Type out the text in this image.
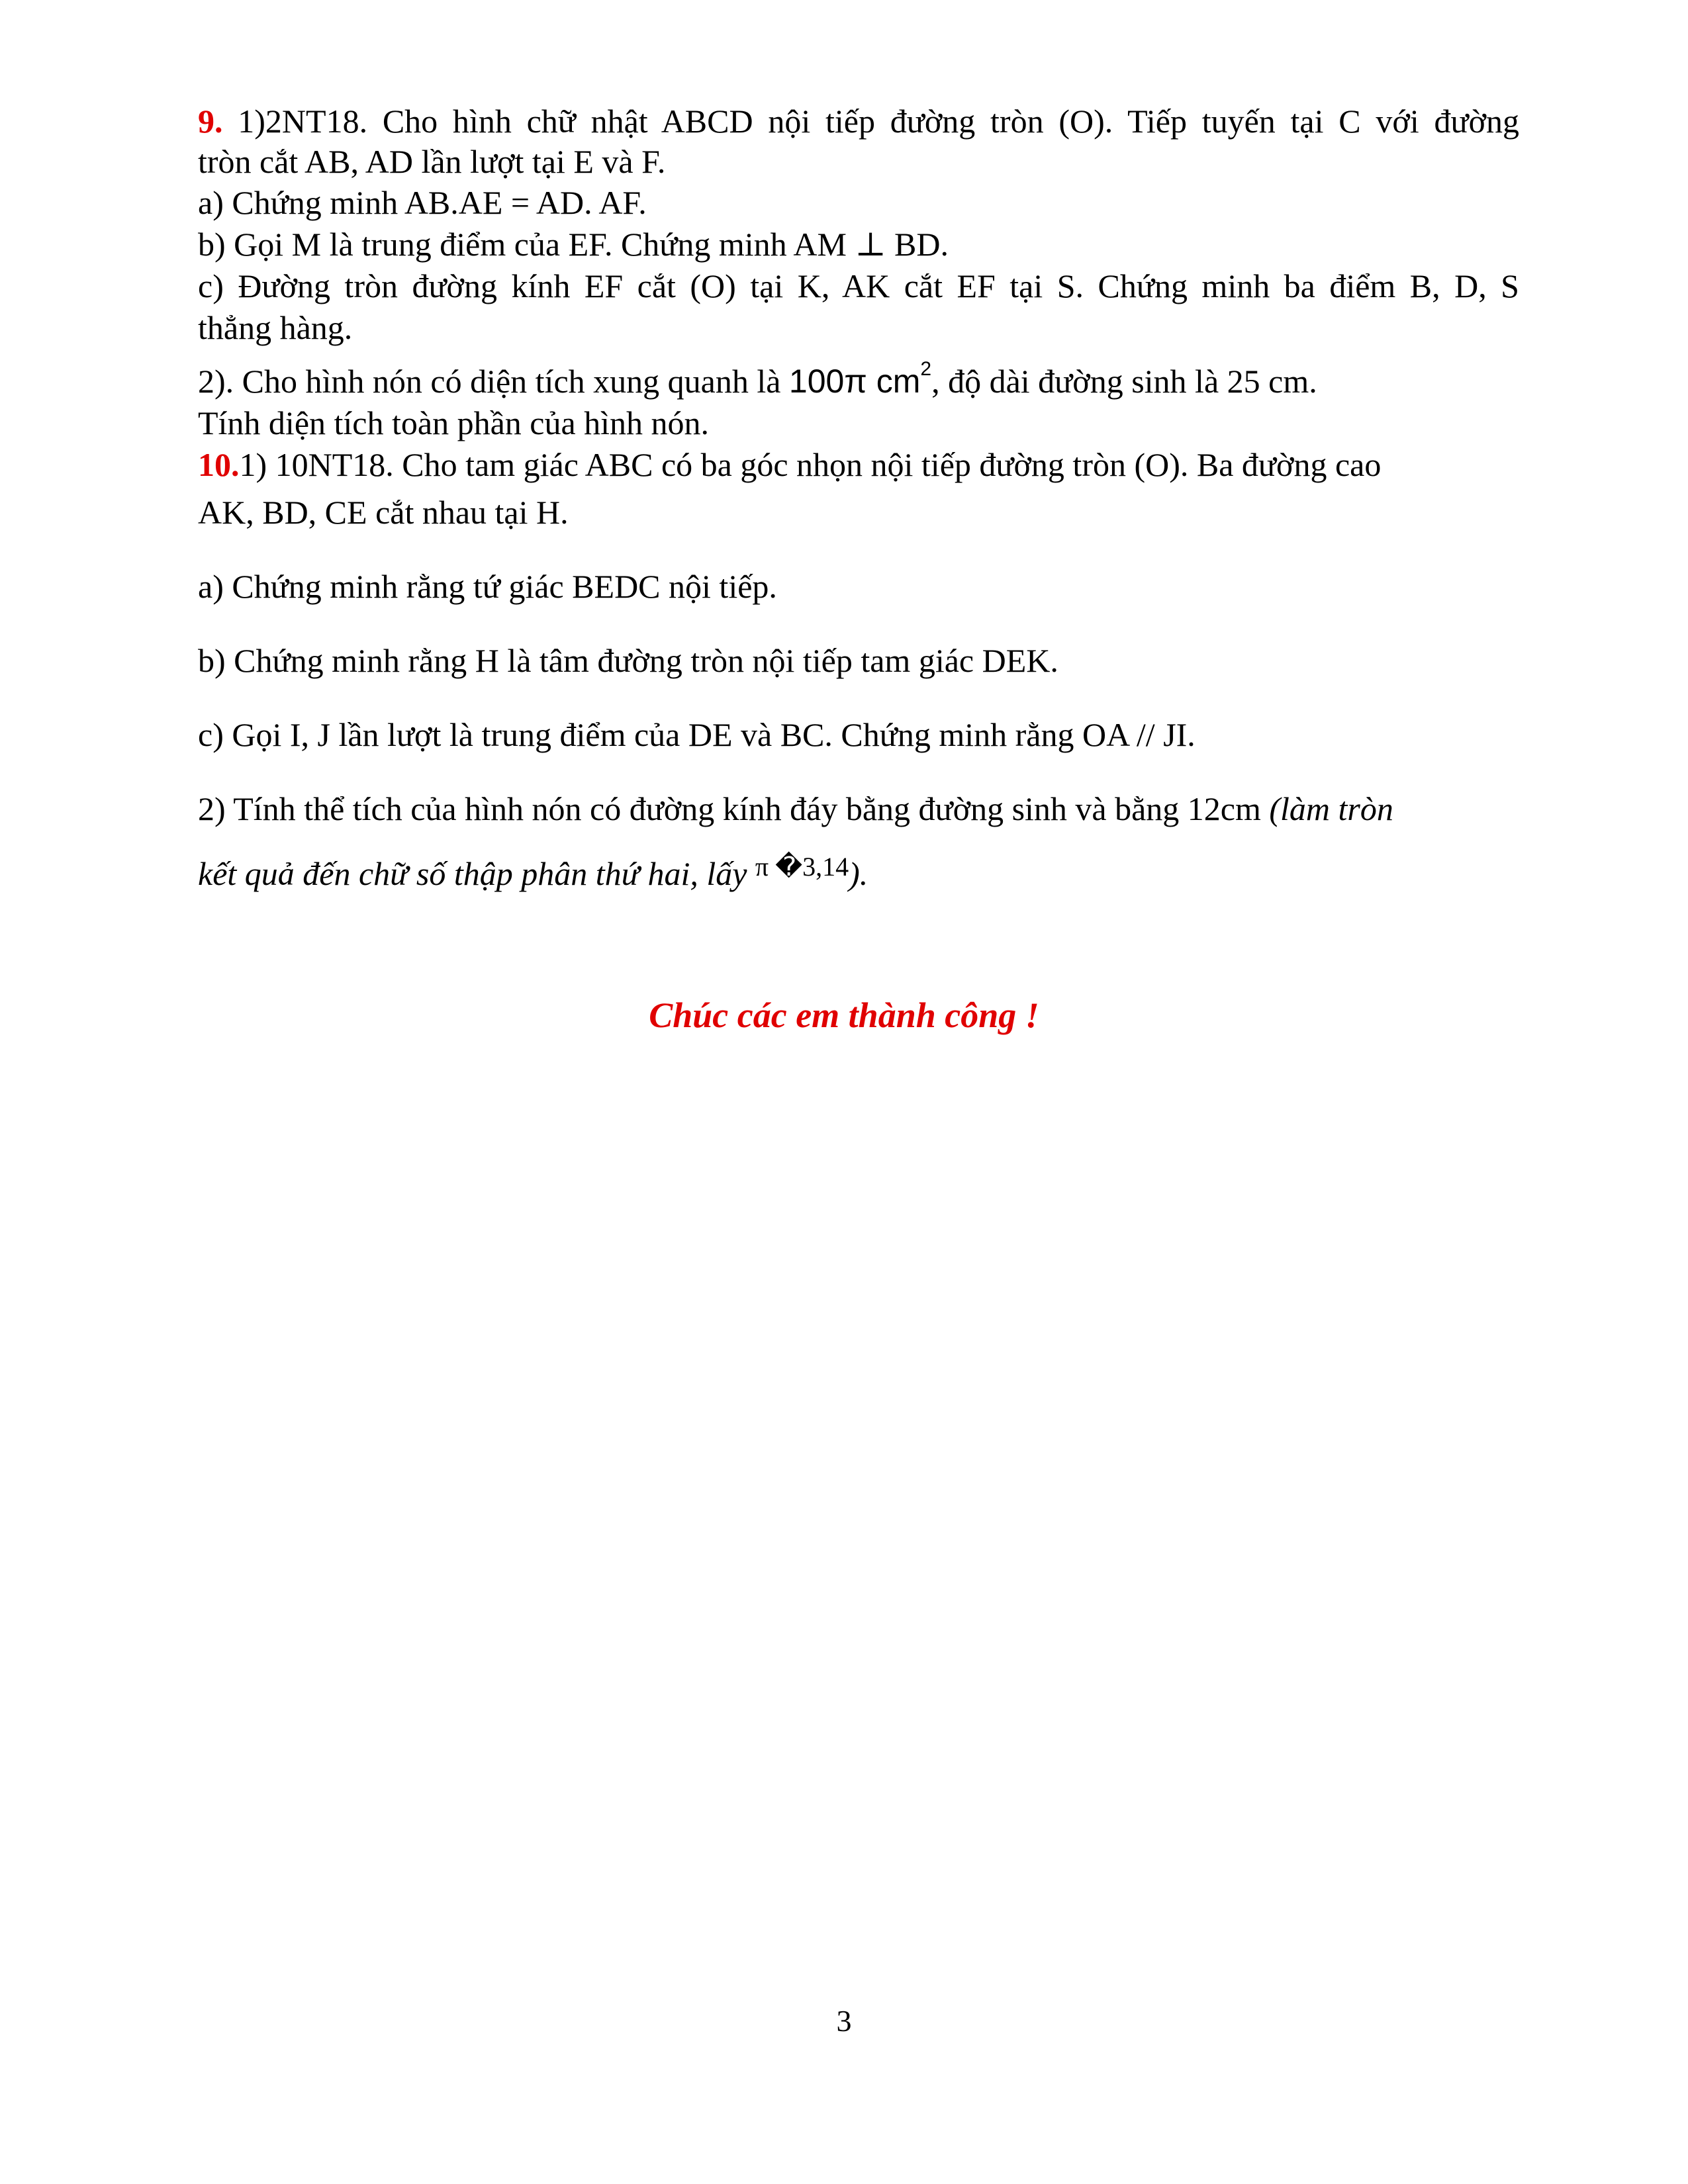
9. 1)2NT18. Cho hình chữ nhật ABCD nội tiếp đường tròn (O). Tiếp tuyến tại C với đường
tròn cắt AB, AD lần lượt tại E và F.
a) Chứng minh AB.AE = AD. AF.
b) Gọi M là trung điểm của EF. Chứng minh AM ⊥ BD.
c) Đường tròn đường kính EF cắt (O) tại K, AK cắt EF tại S. Chứng minh ba điểm B, D, S
thẳng hàng.
2). Cho hình nón có diện tích xung quanh là 100π $cm^2$, độ dài đường sinh là 25 cm.
Tính diện tích toàn phần của hình nón.
10.1) 10NT18. Cho tam giác ABC có ba góc nhọn nội tiếp đường tròn (O). Ba đường cao
AK, BD, CE cắt nhau tại H.
a) Chứng minh rằng tứ giác BEDC nội tiếp.
b) Chứng minh rằng H là tâm đường tròn nội tiếp tam giác DEK.
c) Gọi I, J lần lượt là trung điểm của DE và BC. Chứng minh rằng OA // JI.
2) Tính thể tích của hình nón có đường kính đáy bằng đường sinh và bằng 12cm (làm tròn
kết quả đến chữ số thập phân thứ hai, lấy $^{\pi �3,14}$).
Chúc các em thành công !
3
